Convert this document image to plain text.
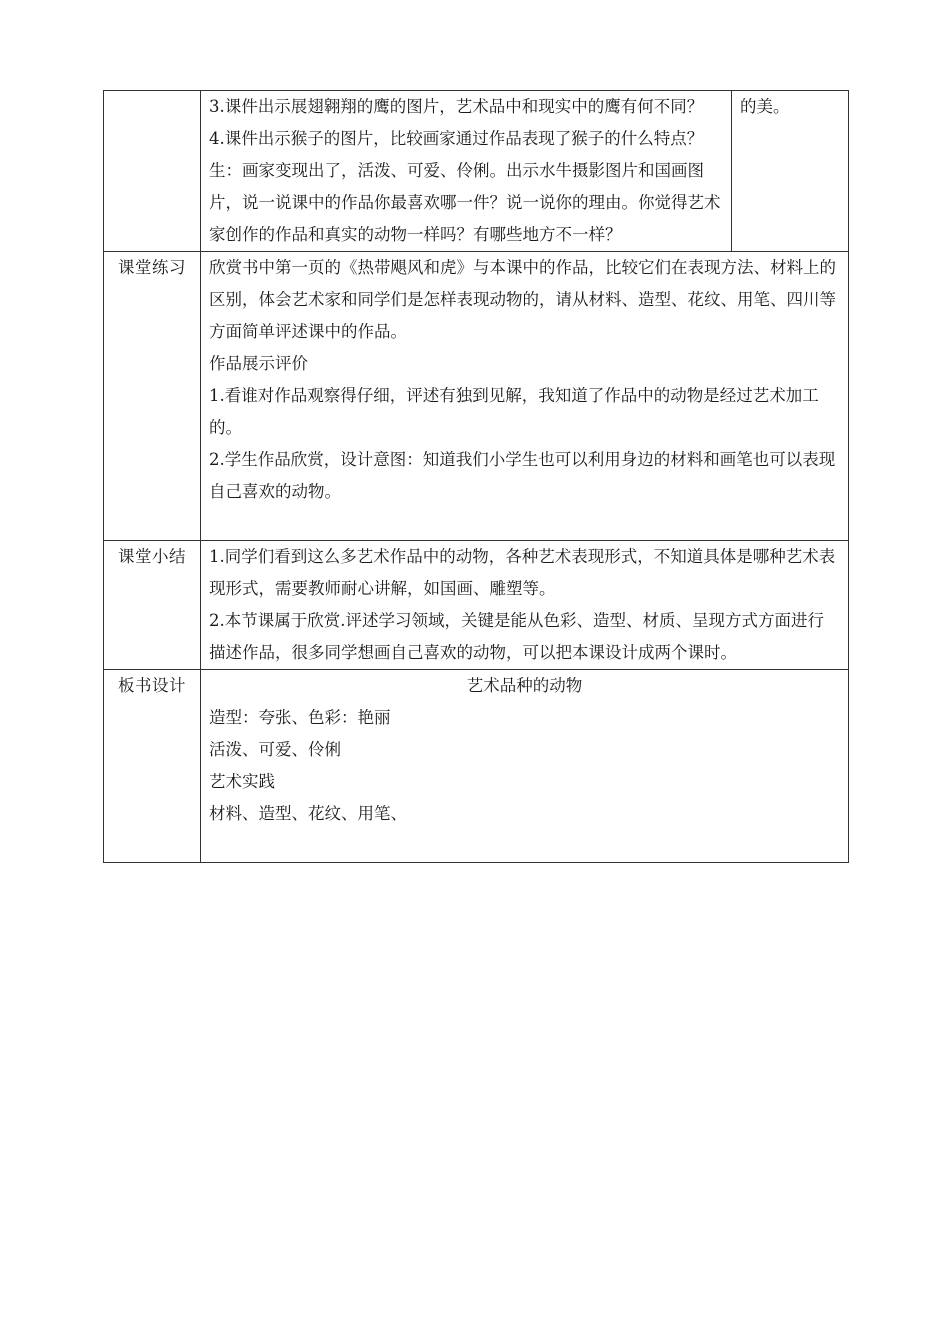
	3.课件出示展翅翱翔的鹰的图片，艺术品中和现实中的鹰有何不同？

4.课件出示猴子的图片，比较画家通过作品表现了猴子的什么特点？生：画家变现出了，活泼、可爱、伶俐。出示水牛摄影图片和国画图片，说一说课中的作品你最喜欢哪一件？说一说你的理由。你觉得艺术家创作的作品和真实的动物一样吗？有哪些地方不一样？	的美。
课堂练习	欣赏书中第一页的《热带飓风和虎》与本课中的作品，比较它们在表现方法、材料上的区别，体会艺术家和同学们是怎样表现动物的，请从材料、造型、花纹、用笔、四川等方面简单评述课中的作品。

作品展示评价

1.看谁对作品观察得仔细，评述有独到见解，我知道了作品中的动物是经过艺术加工的。

2.学生作品欣赏，设计意图：知道我们小学生也可以利用身边的材料和画笔也可以表现自己喜欢的动物。	

课堂小结	1.同学们看到这么多艺术作品中的动物，各种艺术表现形式，不知道具体是哪种艺术表现形式，需要教师耐心讲解，如国画、雕塑等。

2.本节课属于欣赏.评述学习领域，关键是能从色彩、造型、材质、呈现方式方面进行描述作品，很多同学想画自己喜欢的动物，可以把本课设计成两个课时。	

板书设计	艺术品种的动物

造型：夸张、色彩：艳丽

活泼、可爱、伶俐

艺术实践

材料、造型、花纹、用笔、	
